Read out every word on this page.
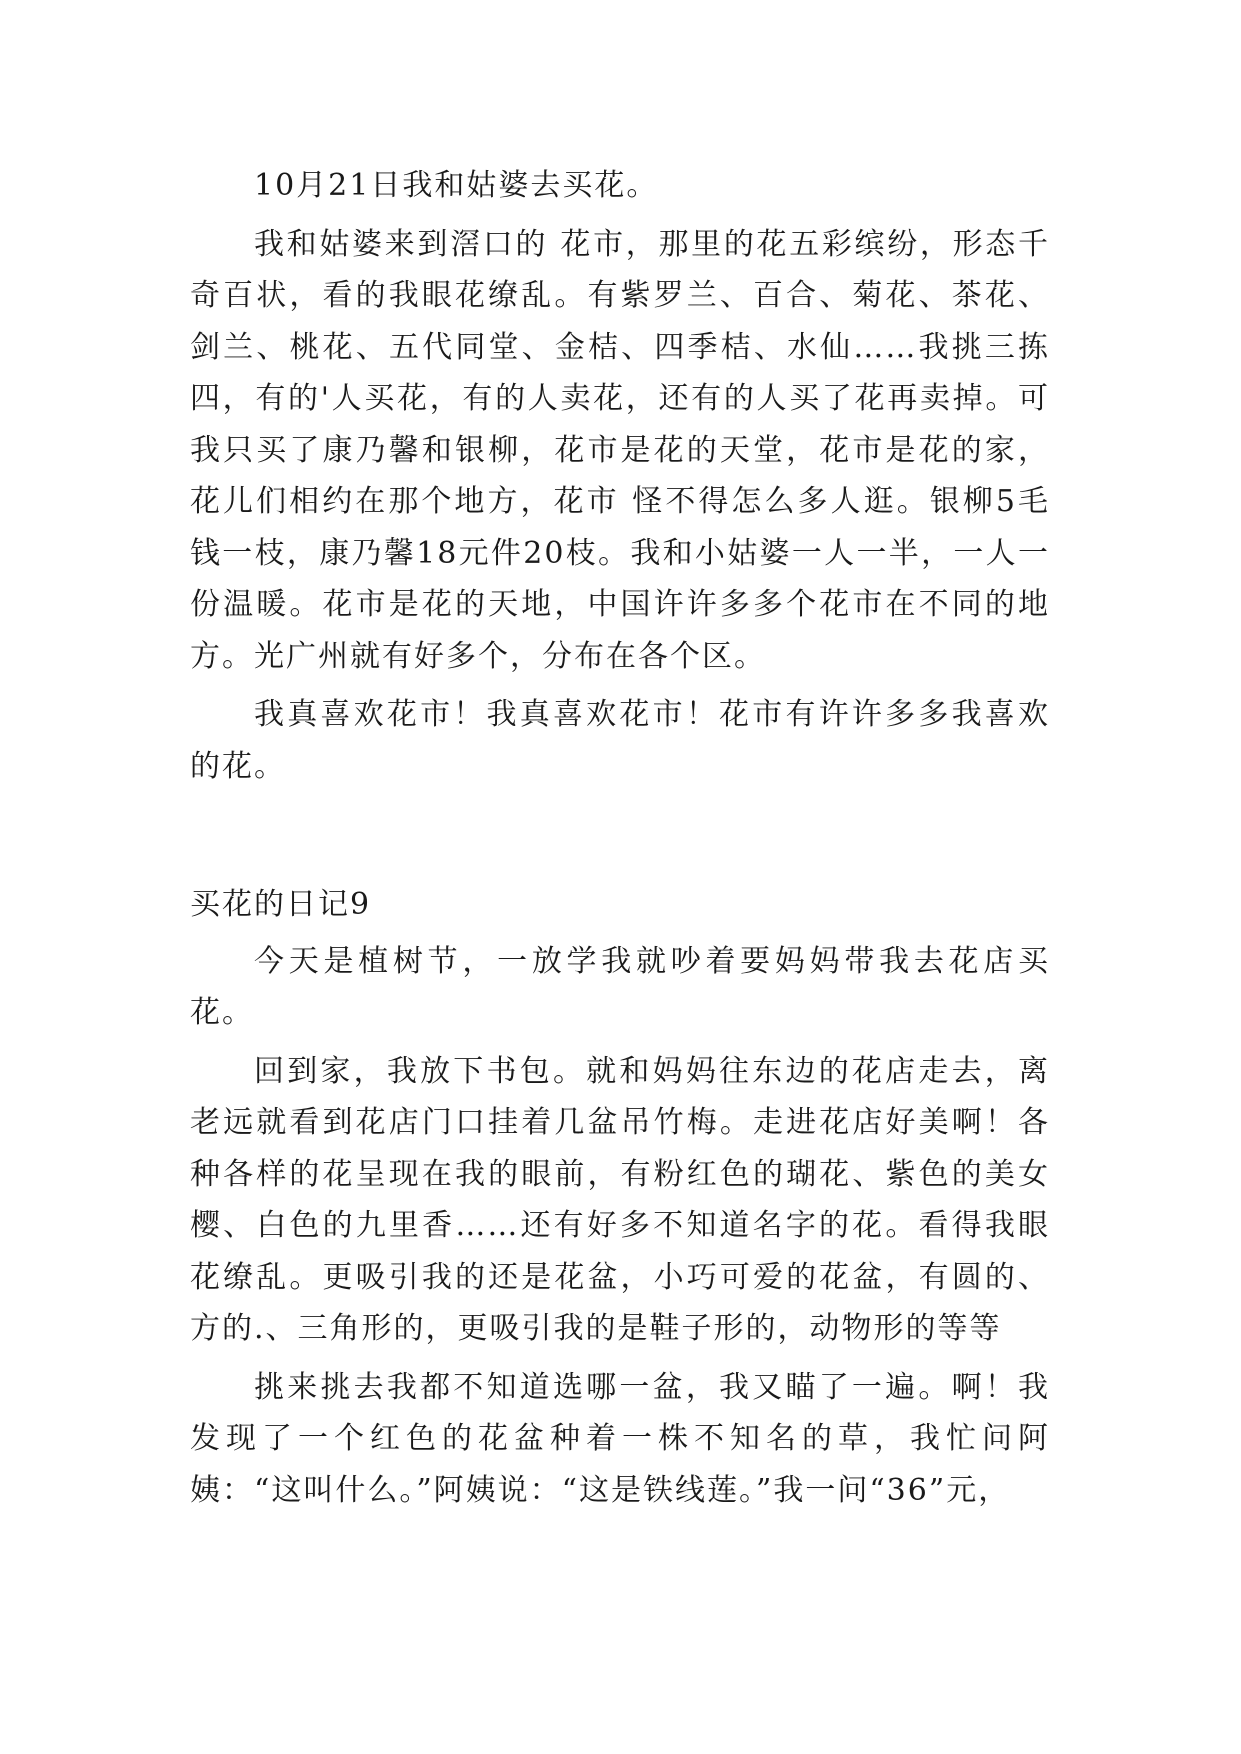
10月21日我和姑婆去买花。

我和姑婆来到滘口的 花市，那里的花五彩缤纷，形态千奇百状，看的我眼花缭乱。有紫罗兰、百合、菊花、茶花、剑兰、桃花、五代同堂、金桔、四季桔、水仙……我挑三拣四，有的'人买花，有的人卖花，还有的人买了花再卖掉。可我只买了康乃馨和银柳，花市是花的天堂，花市是花的家，花儿们相约在那个地方，花市 怪不得怎么多人逛。银柳5毛钱一枝，康乃馨18元件20枝。我和小姑婆一人一半，一人一份温暖。花市是花的天地，中国许许多多个花市在不同的地方。光广州就有好多个，分布在各个区。

我真喜欢花市！我真喜欢花市！花市有许许多多我喜欢的花。

买花的日记9

今天是植树节，一放学我就吵着要妈妈带我去花店买花。

回到家，我放下书包。就和妈妈往东边的花店走去，离老远就看到花店门口挂着几盆吊竹梅。走进花店好美啊！各种各样的花呈现在我的眼前，有粉红色的瑚花、紫色的美女樱、白色的九里香……还有好多不知道名字的花。看得我眼花缭乱。更吸引我的还是花盆，小巧可爱的花盆，有圆的、方的.、三角形的，更吸引我的是鞋子形的，动物形的等等

挑来挑去我都不知道选哪一盆，我又瞄了一遍。啊！我发现了一个红色的花盆种着一株不知名的草，我忙问阿姨：“这叫什么。”阿姨说：“这是铁线莲。”我一问“36”元，
